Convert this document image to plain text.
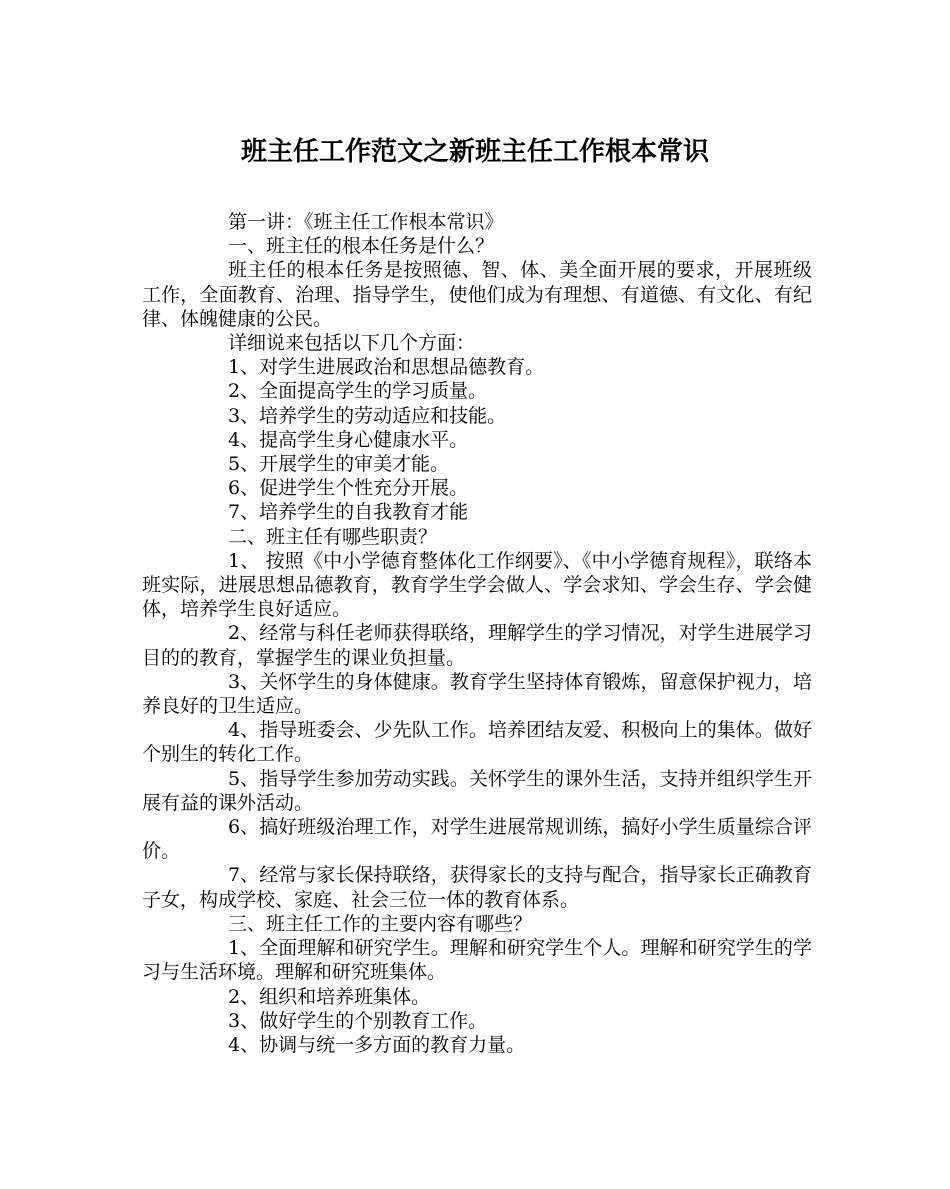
班主任工作范文之新班主任工作根本常识

第一讲：《班主任工作根本常识》

一、班主任的根本任务是什么？

班主任的根本任务是按照德、智、体、美全面开展的要求，开展班级工作，全面教育、治理、指导学生，使他们成为有理想、有道德、有文化、有纪律、体魄健康的公民。

详细说来包括以下几个方面：

1、对学生进展政治和思想品德教育。

2、全面提高学生的学习质量。

3、培养学生的劳动适应和技能。

4、提高学生身心健康水平。

5、开展学生的审美才能。

6、促进学生个性充分开展。

7、培养学生的自我教育才能

二、班主任有哪些职责？

1、 按照《中小学德育整体化工作纲要》、《中小学德育规程》，联络本班实际，进展思想品德教育，教育学生学会做人、学会求知、学会生存、学会健体，培养学生良好适应。

2、经常与科任老师获得联络，理解学生的学习情况，对学生进展学习目的的教育，掌握学生的课业负担量。

3、关怀学生的身体健康。教育学生坚持体育锻炼，留意保护视力，培养良好的卫生适应。

4、指导班委会、少先队工作。培养团结友爱、积极向上的集体。做好个别生的转化工作。

5、指导学生参加劳动实践。关怀学生的课外生活，支持并组织学生开展有益的课外活动。

6、搞好班级治理工作，对学生进展常规训练，搞好小学生质量综合评价。

7、经常与家长保持联络，获得家长的支持与配合，指导家长正确教育子女，构成学校、家庭、社会三位一体的教育体系。

三、班主任工作的主要内容有哪些？

1、全面理解和研究学生。理解和研究学生个人。理解和研究学生的学习与生活环境。理解和研究班集体。

2、组织和培养班集体。

3、做好学生的个别教育工作。

4、协调与统一多方面的教育力量。
